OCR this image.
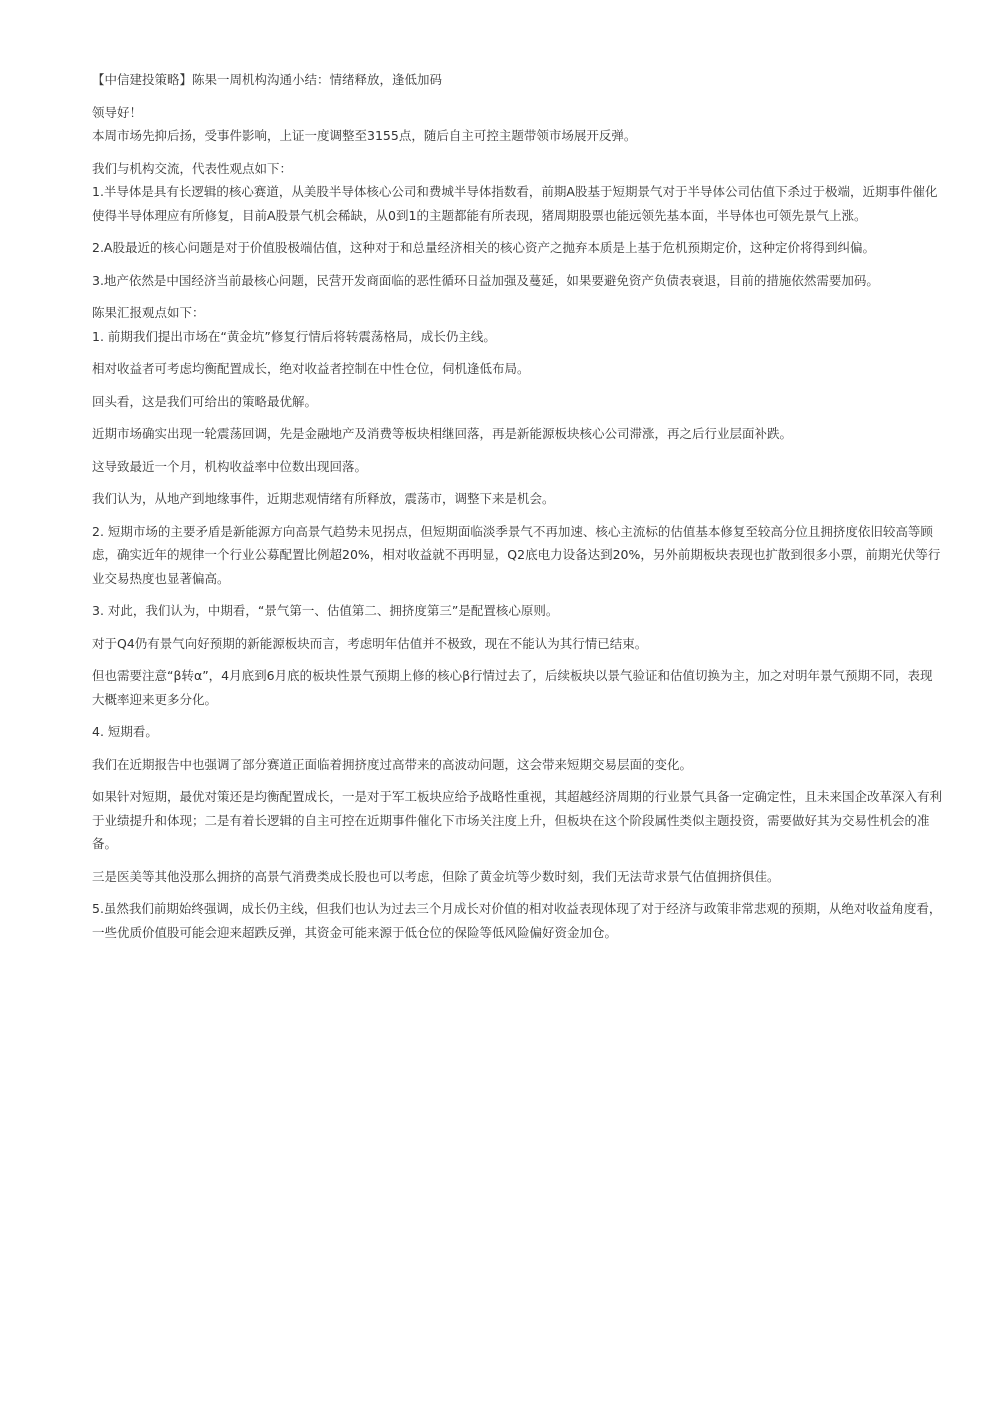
【中信建投策略】陈果一周机构沟通小结：情绪释放，逢低加码

领导好！

本周市场先抑后扬，受事件影响，上证一度调整至3155点，随后自主可控主题带领市场展开反弹。

我们与机构交流，代表性观点如下：

1.半导体是具有长逻辑的核心赛道，从美股半导体核心公司和费城半导体指数看，前期A股基于短期景气对于半导体公司估值下杀过于极端，近期事件催化使得半导体理应有所修复，目前A股景气机会稀缺，从0到1的主题都能有所表现，猪周期股票也能远领先基本面，半导体也可领先景气上涨。

2.A股最近的核心问题是对于价值股极端估值，这种对于和总量经济相关的核心资产之抛弃本质是上基于危机预期定价，这种定价将得到纠偏。

3.地产依然是中国经济当前最核心问题，民营开发商面临的恶性循环日益加强及蔓延，如果要避免资产负债表衰退，目前的措施依然需要加码。

陈果汇报观点如下：

1. 前期我们提出市场在“黄金坑”修复行情后将转震荡格局，成长仍主线。

相对收益者可考虑均衡配置成长，绝对收益者控制在中性仓位，伺机逢低布局。

回头看，这是我们可给出的策略最优解。

近期市场确实出现一轮震荡回调，先是金融地产及消费等板块相继回落，再是新能源板块核心公司滞涨，再之后行业层面补跌。

这导致最近一个月，机构收益率中位数出现回落。

我们认为，从地产到地缘事件，近期悲观情绪有所释放，震荡市，调整下来是机会。

2. 短期市场的主要矛盾是新能源方向高景气趋势未见拐点，但短期面临淡季景气不再加速、核心主流标的估值基本修复至较高分位且拥挤度依旧较高等顾虑，确实近年的规律一个行业公募配置比例超20%，相对收益就不再明显，Q2底电力设备达到20%，另外前期板块表现也扩散到很多小票，前期光伏等行业交易热度也显著偏高。

3. 对此，我们认为，中期看，“景气第一、估值第二、拥挤度第三”是配置核心原则。

对于Q4仍有景气向好预期的新能源板块而言，考虑明年估值并不极致，现在不能认为其行情已结束。

但也需要注意“β转α”，4月底到6月底的板块性景气预期上修的核心β行情过去了，后续板块以景气验证和估值切换为主，加之对明年景气预期不同，表现大概率迎来更多分化。

4. 短期看。

我们在近期报告中也强调了部分赛道正面临着拥挤度过高带来的高波动问题，这会带来短期交易层面的变化。

如果针对短期，最优对策还是均衡配置成长，一是对于军工板块应给予战略性重视，其超越经济周期的行业景气具备一定确定性，且未来国企改革深入有利于业绩提升和体现；二是有着长逻辑的自主可控在近期事件催化下市场关注度上升，但板块在这个阶段属性类似主题投资，需要做好其为交易性机会的准备。

三是医美等其他没那么拥挤的高景气消费类成长股也可以考虑，但除了黄金坑等少数时刻，我们无法苛求景气估值拥挤俱佳。

5.虽然我们前期始终强调，成长仍主线，但我们也认为过去三个月成长对价值的相对收益表现体现了对于经济与政策非常悲观的预期，从绝对收益角度看，一些优质价值股可能会迎来超跌反弹，其资金可能来源于低仓位的保险等低风险偏好资金加仓。
